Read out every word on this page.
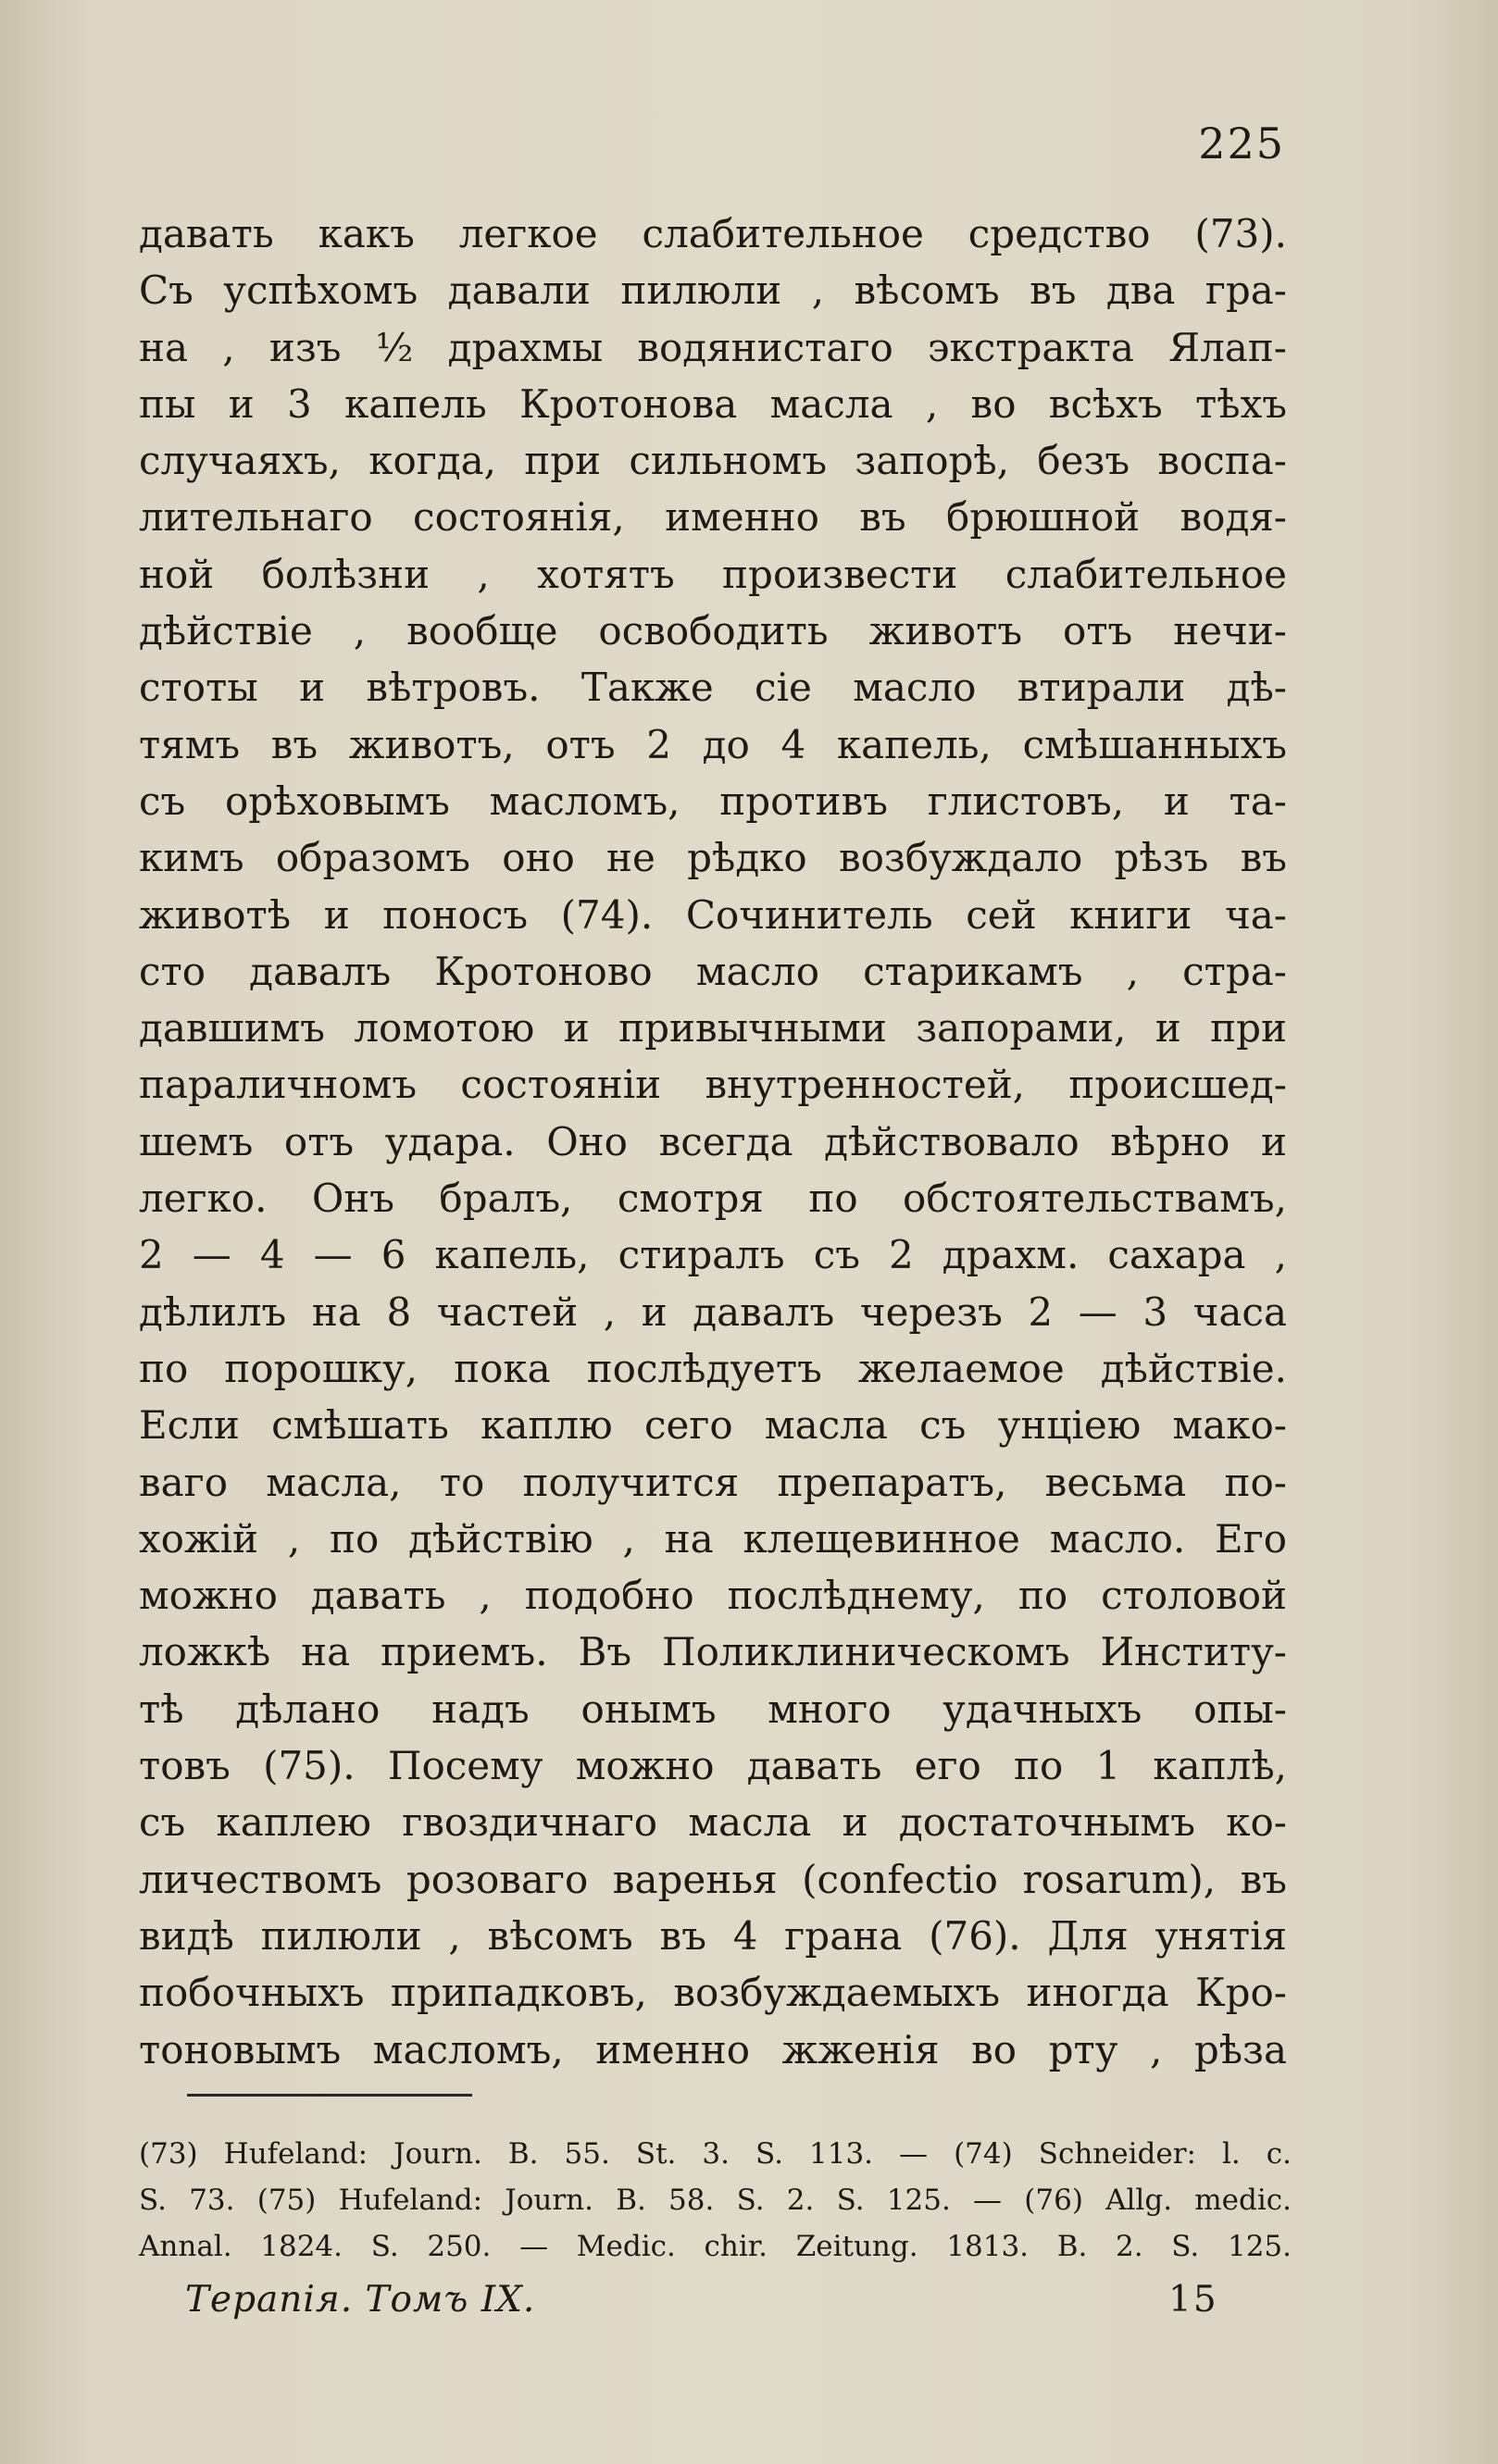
225
давать какъ легкое слабительное средство (73).
Съ успѣхомъ давали пилюли , вѣсомъ въ два гра-
на , изъ ½ драхмы водянистаго экстракта Ялап-
пы и 3 капель Кротонова масла , во всѣхъ тѣхъ
случаяхъ, когда, при сильномъ запорѣ, безъ воспа-
лительнаго состоянія, именно въ брюшной водя-
ной болѣзни , хотятъ произвести слабительное
дѣйствіе , вообще освободить животъ отъ нечи-
стоты и вѣтровъ. Также сіе масло втирали дѣ-
тямъ въ животъ, отъ 2 до 4 капель, смѣшанныхъ
съ орѣховымъ масломъ, противъ глистовъ, и та-
кимъ образомъ оно не рѣдко возбуждало рѣзъ въ
животѣ и поносъ (74). Сочинитель сей книги ча-
сто давалъ Кротоново масло старикамъ , стра-
давшимъ ломотою и привычными запорами, и при
параличномъ состояніи внутренностей, происшед-
шемъ отъ удара. Оно всегда дѣйствовало вѣрно и
легко. Онъ бралъ, смотря по обстоятельствамъ,
2 — 4 — 6 капель, стиралъ съ 2 драхм. сахара ,
дѣлилъ на 8 частей , и давалъ черезъ 2 — 3 часа
по порошку, пока послѣдуетъ желаемое дѣйствіе.
Если смѣшать каплю сего масла съ унціею мако-
ваго масла, то получится препаратъ, весьма по-
хожій , по дѣйствію , на клещевинное масло. Его
можно давать , подобно послѣднему, по столовой
ложкѣ на приемъ. Въ Поликлиническомъ Институ-
тѣ дѣлано надъ онымъ много удачныхъ опы-
товъ (75). Посему можно давать его по 1 каплѣ,
съ каплею гвоздичнаго масла и достаточнымъ ко-
личествомъ розоваго варенья (confectio rosarum), въ
видѣ пилюли , вѣсомъ въ 4 грана (76). Для унятія
побочныхъ припадковъ, возбуждаемыхъ иногда Кро-
тоновымъ масломъ, именно жженія во рту , рѣза
(73) Hufeland: Journ. B. 55. St. 3. S. 113. — (74) Schneider: l. c.
S. 73. (75) Hufeland: Journ. B. 58. S. 2. S. 125. — (76) Allg. medic.
Annal. 1824. S. 250. — Medic. chir. Zeitung. 1813. B. 2. S. 125.
Терапія. Томъ IX.	15
